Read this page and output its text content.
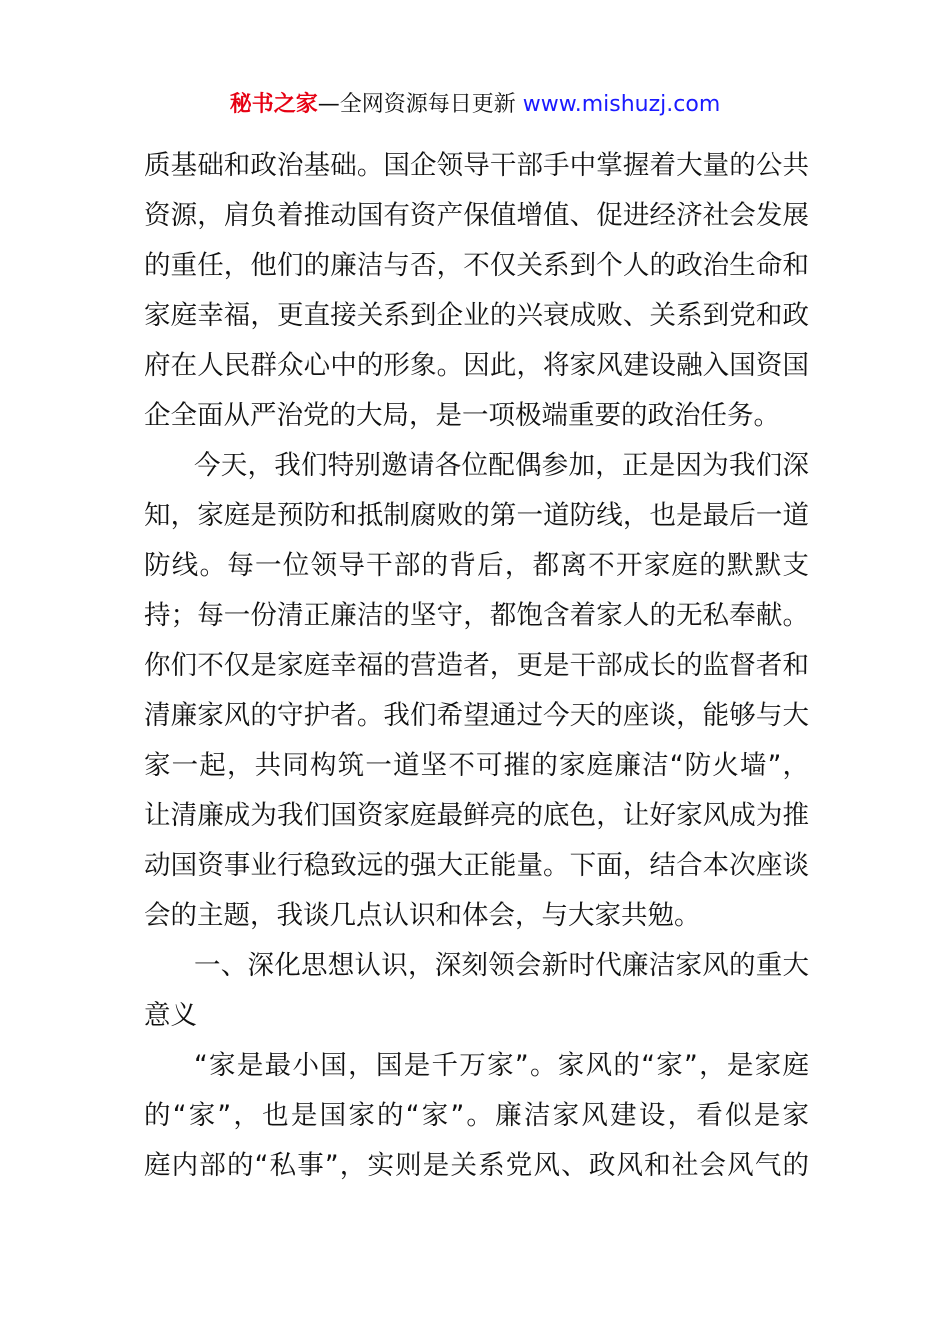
秘书之家—全网资源每日更新 www.mishuzj.com
质基础和政治基础。国企领导干部手中掌握着大量的公共
资源，肩负着推动国有资产保值增值、促进经济社会发展
的重任，他们的廉洁与否，不仅关系到个人的政治生命和
家庭幸福，更直接关系到企业的兴衰成败、关系到党和政
府在人民群众心中的形象。因此，将家风建设融入国资国
企全面从严治党的大局，是一项极端重要的政治任务。
今天，我们特别邀请各位配偶参加，正是因为我们深
知，家庭是预防和抵制腐败的第一道防线，也是最后一道
防线。每一位领导干部的背后，都离不开家庭的默默支
持；每一份清正廉洁的坚守，都饱含着家人的无私奉献。
你们不仅是家庭幸福的营造者，更是干部成长的监督者和
清廉家风的守护者。我们希望通过今天的座谈，能够与大
家一起，共同构筑一道坚不可摧的家庭廉洁“防火墙”，
让清廉成为我们国资家庭最鲜亮的底色，让好家风成为推
动国资事业行稳致远的强大正能量。下面，结合本次座谈
会的主题，我谈几点认识和体会，与大家共勉。
一、深化思想认识，深刻领会新时代廉洁家风的重大
意义
“家是最小国，国是千万家”。家风的“家”，是家庭
的“家”，也是国家的“家”。廉洁家风建设，看似是家
庭内部的“私事”，实则是关系党风、政风和社会风气的
